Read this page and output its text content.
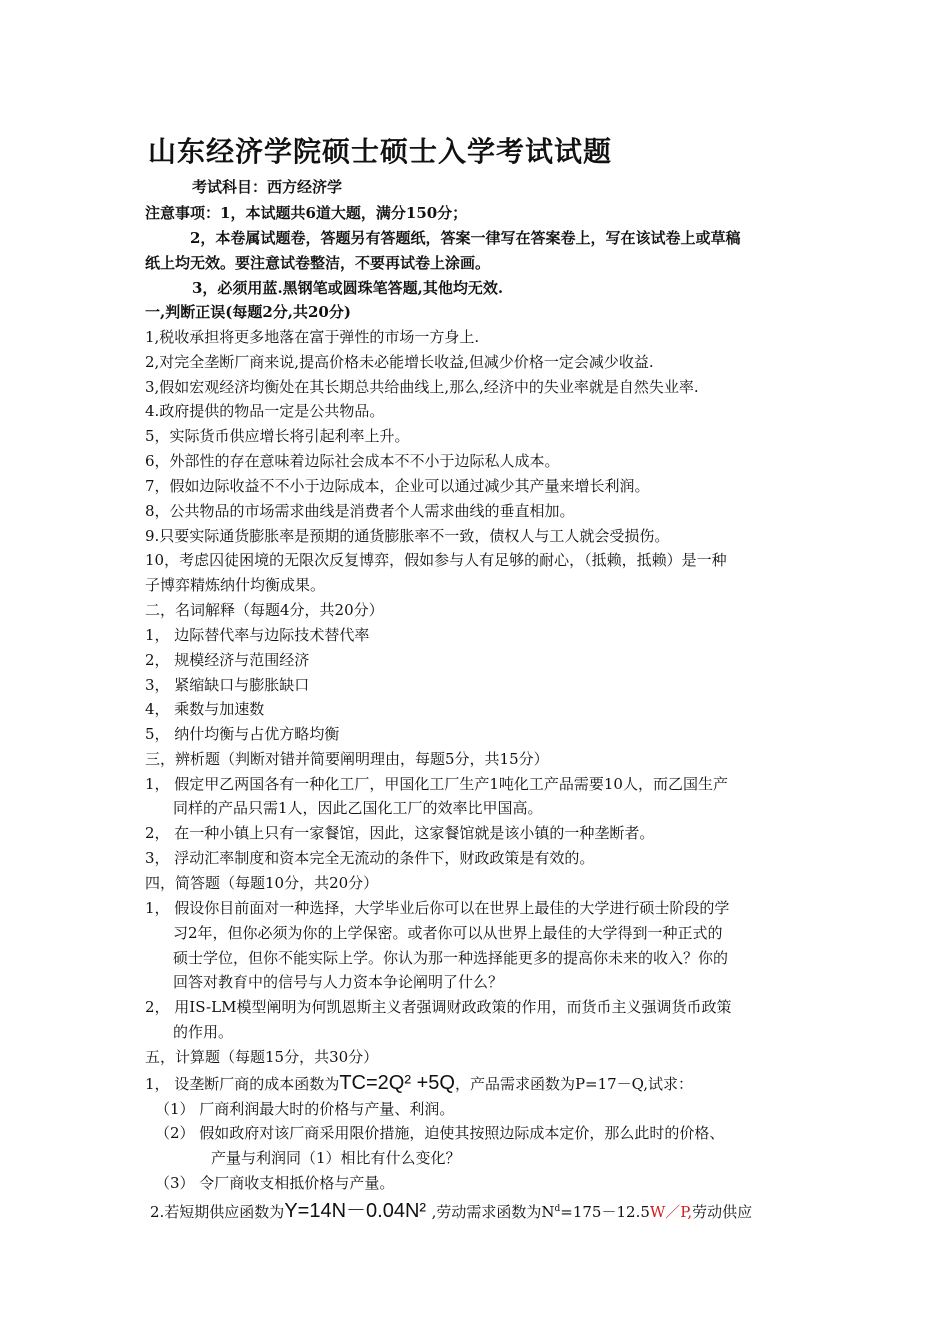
山东经济学院硕士硕士入学考试试题
考试科目：西方经济学
注意事项：1，本试题共6道大题，满分150分；
2，本卷属试题卷，答题另有答题纸，答案一律写在答案卷上，写在该试卷上或草稿
纸上均无效。要注意试卷整洁，不要再试卷上涂画。
3，必须用蓝.黑钢笔或圆珠笔答题,其他均无效.
一,判断正误(每题2分,共20分)
1,税收承担将更多地落在富于弹性的市场一方身上.
2,对完全垄断厂商来说,提高价格未必能增长收益,但减少价格一定会减少收益.
3,假如宏观经济均衡处在其长期总共给曲线上,那么,经济中的失业率就是自然失业率.
4.政府提供的物品一定是公共物品。
5，实际货币供应增长将引起利率上升。
6，外部性的存在意味着边际社会成本不不小于边际私人成本。
7，假如边际收益不不小于边际成本，企业可以通过减少其产量来增长利润。
8，公共物品的市场需求曲线是消费者个人需求曲线的垂直相加。
9.只要实际通货膨胀率是预期的通货膨胀率不一致，债权人与工人就会受损伤。
10，考虑囚徒困境的无限次反复博弈，假如参与人有足够的耐心，（抵赖，抵赖）是一种
子博弈精炼纳什均衡成果。
二，名词解释（每题4分，共20分）
1， 边际替代率与边际技术替代率
2， 规模经济与范围经济
3， 紧缩缺口与膨胀缺口
4， 乘数与加速数
5， 纳什均衡与占优方略均衡
三，辨析题（判断对错并简要阐明理由，每题5分，共15分）
1， 假定甲乙两国各有一种化工厂，甲国化工厂生产1吨化工产品需要10人，而乙国生产
同样的产品只需1人，因此乙国化工厂的效率比甲国高。
2， 在一种小镇上只有一家餐馆，因此，这家餐馆就是该小镇的一种垄断者。
3， 浮动汇率制度和资本完全无流动的条件下，财政政策是有效的。
四，简答题（每题10分，共20分）
1， 假设你目前面对一种选择，大学毕业后你可以在世界上最佳的大学进行硕士阶段的学
习2年，但你必须为你的上学保密。或者你可以从世界上最佳的大学得到一种正式的
硕士学位，但你不能实际上学。你认为那一种选择能更多的提高你未来的收入？你的
回答对教育中的信号与人力资本争论阐明了什么？
2， 用IS-LM模型阐明为何凯恩斯主义者强调财政政策的作用，而货币主义强调货币政策
的作用。
五，计算题（每题15分，共30分）
1， 设垄断厂商的成本函数为TC=2Q² +5Q，产品需求函数为P=17－Q,试求：
（1） 厂商利润最大时的价格与产量、利润。
（2） 假如政府对该厂商采用限价措施，迫使其按照边际成本定价，那么此时的价格、
产量与利润同（1）相比有什么变化？
（3） 令厂商收支相抵价格与产量。
2.若短期供应函数为Y=14N－0.04N² ,劳动需求函数为$N^d=175-12.5W/P$,劳动供应
